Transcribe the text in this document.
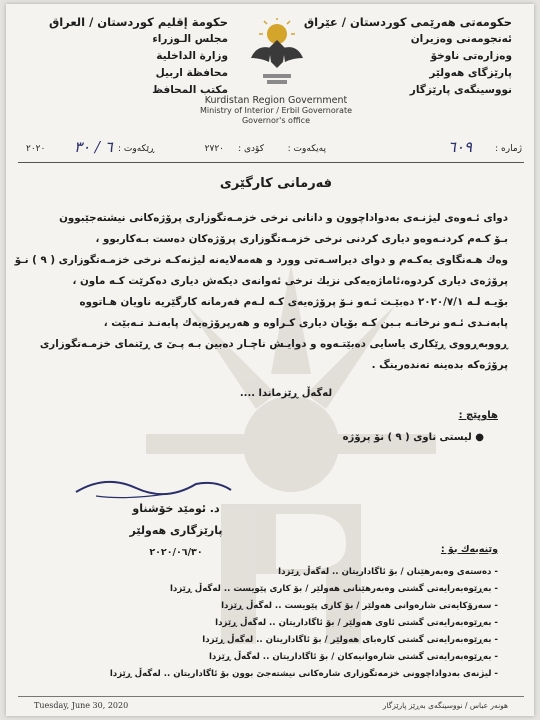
حکومەتی هەرێمی کوردستان / عێراق
ئەنجومەنی وەزیران
وەزارەتی ناوخۆ
پارێزگای هەولێر
نووسینگەی پارێزگار
حكومة إقليم كوردستان / العراق
مجلس الـوزراء
وزارة الداخلية
محافظة اربيل
مكتب المحافظ
Kurdistan Region Government
Ministry of Interior / Erbil Governorate
Governor's office
ژمارە :
٦٠٩
پەیكەوت :
كۆدی :
٢٧٢٠
ڕێكەوت :
٦ / ٣٠
٢٠٢٠
فەرمانی کارگێری
دوای ئـەوەی لیژنـەی بەدواداچوون و دانانی نرخی خزمـەتگوزاری پرۆژەكانی نیشتەجێبوون
بـۆ كـەم كردنـەوەو دیاری كردنی نرخی خزمـەتگوزاری پرۆژەكان دەست بـەكاربوو ،
وەك هـەنگاوی یەكـەم و دوای دیراسـەتی وورد و هەمەلایەنە لیژنەكـە نرخی خزمـەتگوزاری ( ٩ ) نـۆ
پرۆژەی دیاری كردوە،ئاماژەیەكی نزیك نرخی ئەوانەی دیكەش دیاری دەكرێت كـە ماون ،
بۆیـە لـە ٢٠٢٠/٧/١ دەبێـت ئـەو نـۆ پرۆژەیەی كـە لـەم فەرمانە كارگێریە ناویان هـاتووە
پابەنـدی ئـەو نرخانـە بـبن كـە بۆیان دیاری كـراوە و هەرپرۆژەیەك پابەنـد نـەبێت ،
ڕووبەڕووی ڕێكاری یاسایی دەبێتـەوە و دوایـش ناچـار دەبین بـە پـێ ی ڕێنمای خزمـەتگوزاری
پرۆژەكە بدەینە تەندەرینگ .
لەگەڵ ڕێزماندا ....
هاوپێچ :
● لیستی ناوی ( ٩ ) نۆ پرۆژە
د. ئومێد خۆشناو
پارێزگاری هەولێر
٢٠٢٠/٠٦/٣٠	وێنەیەك بۆ :
- دەستەی وەبەرهێنان / بۆ ئاگاداریتان .. لەگەڵ ڕێزدا
- بەڕێوەبەرایەتی گشتی وەبەرهێنانی هەولێر / بۆ كاری پێویست .. لەگەڵ ڕێزدا
- سەرۆكایەتی شارەوانی هەولێر / بۆ كاری پێویست .. لەگەڵ ڕێزدا
- بەڕێوەبەرایەتی گشتی ئاوی هەولێر / بۆ ئاگاداریتان .. لەگەڵ ڕێزدا
- بەڕێوەبەرایەتی گشتی كارەبای هەولێر / بۆ ئاگاداریتان .. لەگەڵ ڕێزدا
- بەڕێوەبەرایەتی گشتی شارەوانیەكان / بۆ ئاگاداریتان .. لەگەڵ ڕێزدا
- لیژنەی بەدواداچوونی خزمەتگوزاری شارەكانی نیشتەجێ بوون بۆ ئاگاداریتان .. لەگەڵ ڕێزدا
Tuesday, June 30, 2020	هونەر عباس / نووسینگەی بەڕێز پارێزگار
